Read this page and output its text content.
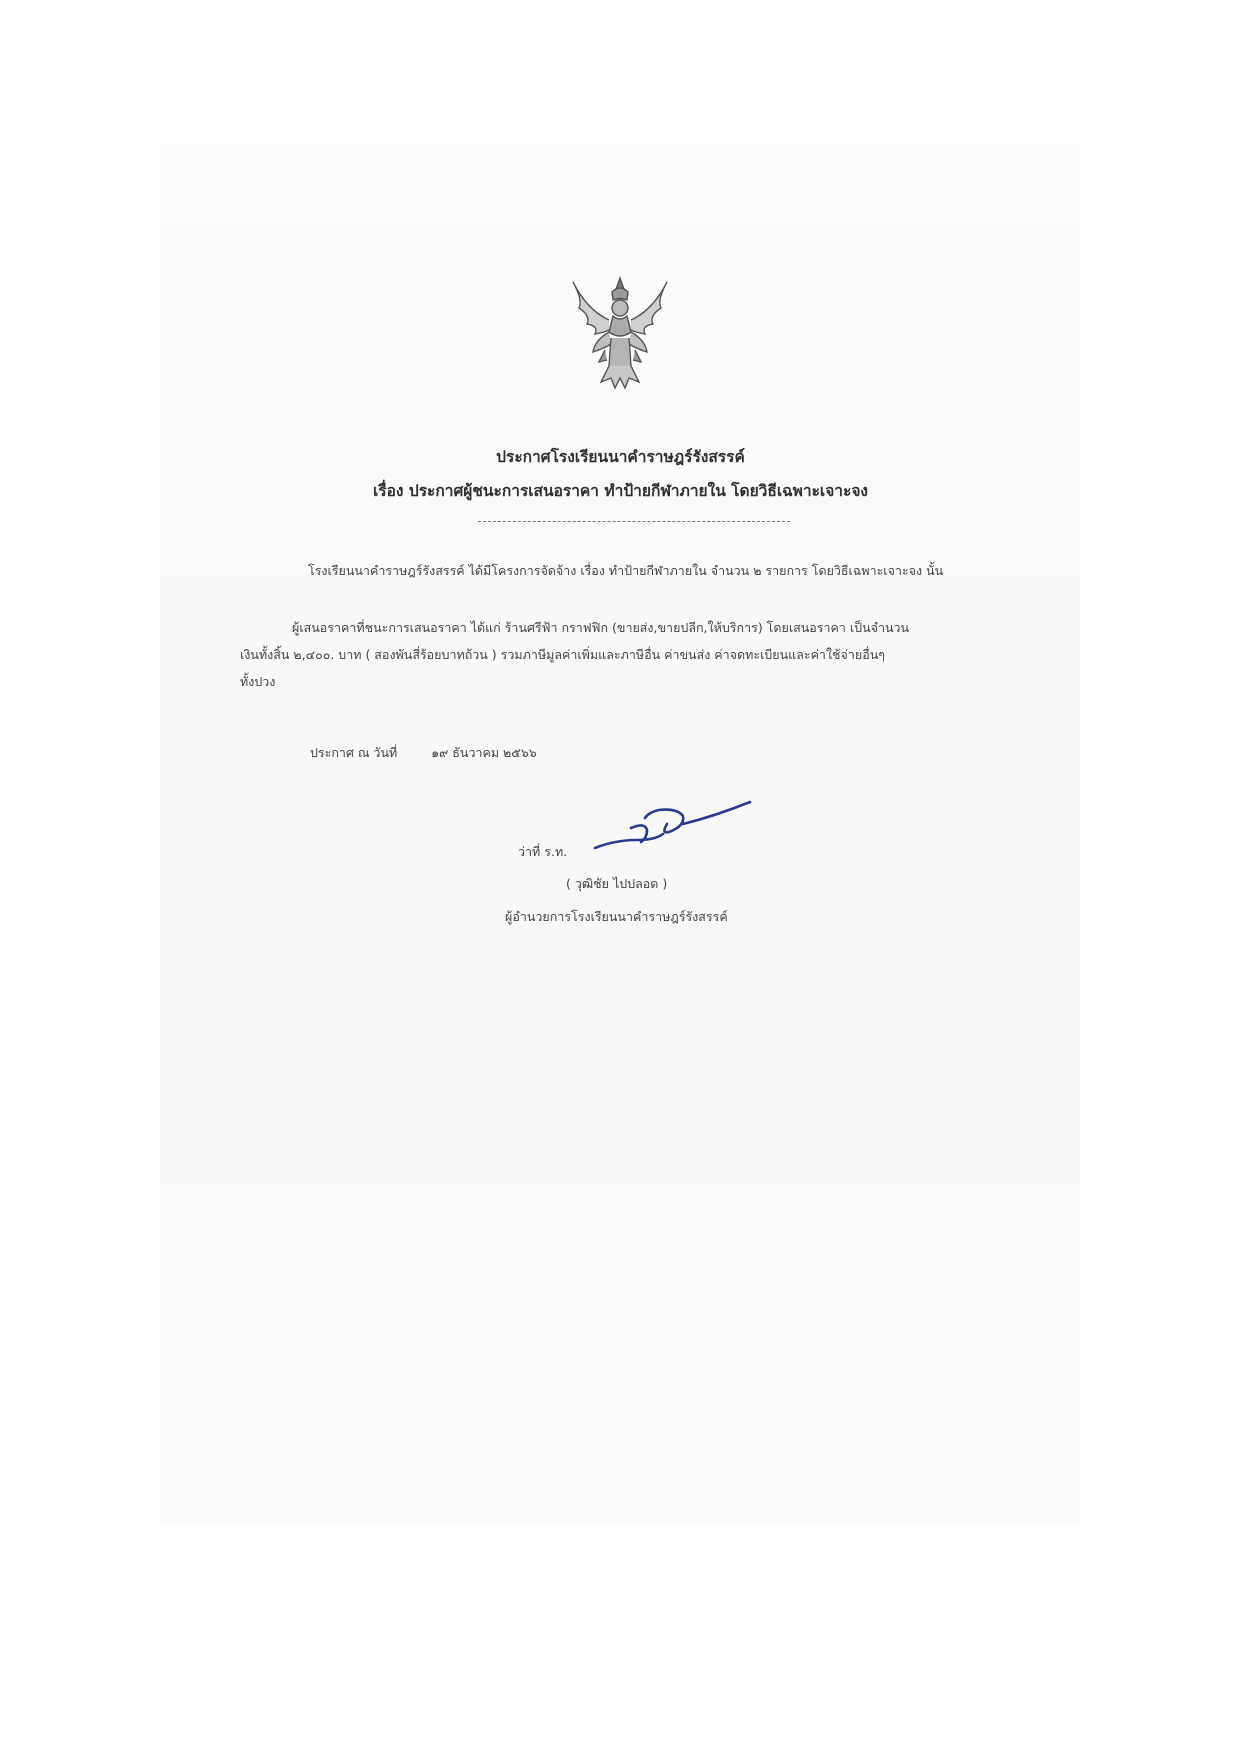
ประกาศโรงเรียนนาคำราษฎร์รังสรรค์
เรื่อง ประกาศผู้ชนะการเสนอราคา ทำป้ายกีฬาภายใน โดยวิธีเฉพาะเจาะจง
โรงเรียนนาคำราษฎร์รังสรรค์ ได้มีโครงการจัดจ้าง เรื่อง ทำป้ายกีฬาภายใน จำนวน ๒ รายการ โดยวิธีเฉพาะเจาะจง นั้น
ผู้เสนอราคาที่ชนะการเสนอราคา ได้แก่ ร้านศรีฟ้า กราฟฟิก (ขายส่ง,ขายปลีก,ให้บริการ) โดยเสนอราคา เป็นจำนวน
เงินทั้งสิ้น ๒,๔๐๐. บาท ( สองพันสี่ร้อยบาทถ้วน ) รวมภาษีมูลค่าเพิ่มและภาษีอื่น ค่าขนส่ง ค่าจดทะเบียนและค่าใช้จ่ายอื่นๆ
ทั้งปวง
ประกาศ ณ วันที่	๑๙ ธันวาคม ๒๕๖๖
ว่าที่ ร.ท.
( วุฒิชัย ไปปลอด )
ผู้อำนวยการโรงเรียนนาคำราษฎร์รังสรรค์
